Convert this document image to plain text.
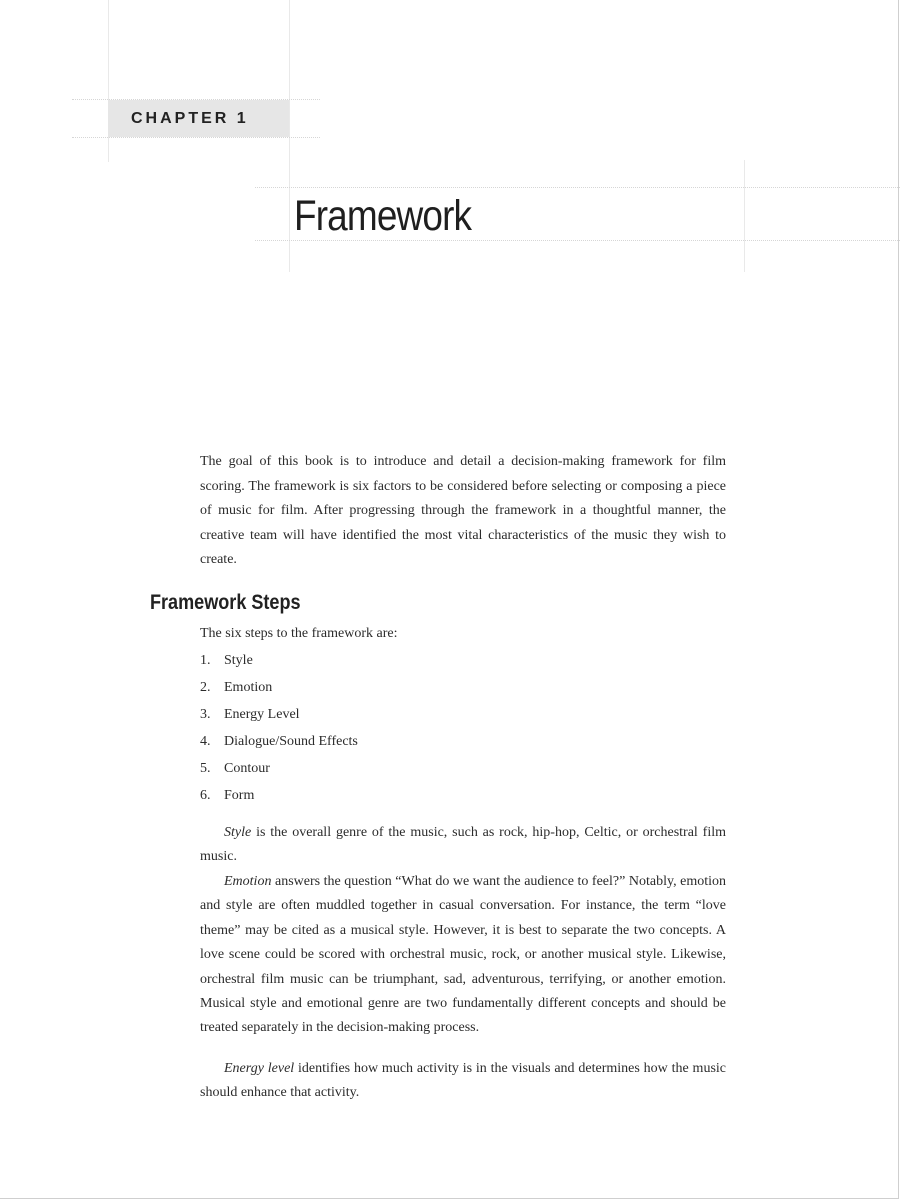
CHAPTER 1
Framework

The goal of this book is to introduce and detail a decision-making framework for film scoring. The framework is six factors to be considered before selecting or composing a piece of music for film. After progressing through the framework in a thoughtful manner, the creative team will have identified the most vital characteristics of the music they wish to create.

Framework Steps

The six steps to the framework are:

1. Style
2. Emotion
3. Energy Level
4. Dialogue/Sound Effects
5. Contour
6. Form

Style is the overall genre of the music, such as rock, hip-hop, Celtic, or orchestral film music.

Emotion answers the question “What do we want the audience to feel?” Notably, emotion and style are often muddled together in casual conversation. For instance, the term “love theme” may be cited as a musical style. However, it is best to separate the two concepts. A love scene could be scored with orchestral music, rock, or another musical style. Likewise, orchestral film music can be triumphant, sad, adventurous, terrifying, or another emotion. Musical style and emotional genre are two fundamentally different concepts and should be treated separately in the decision-making process.

Energy level identifies how much activity is in the visuals and determines how the music should enhance that activity.
